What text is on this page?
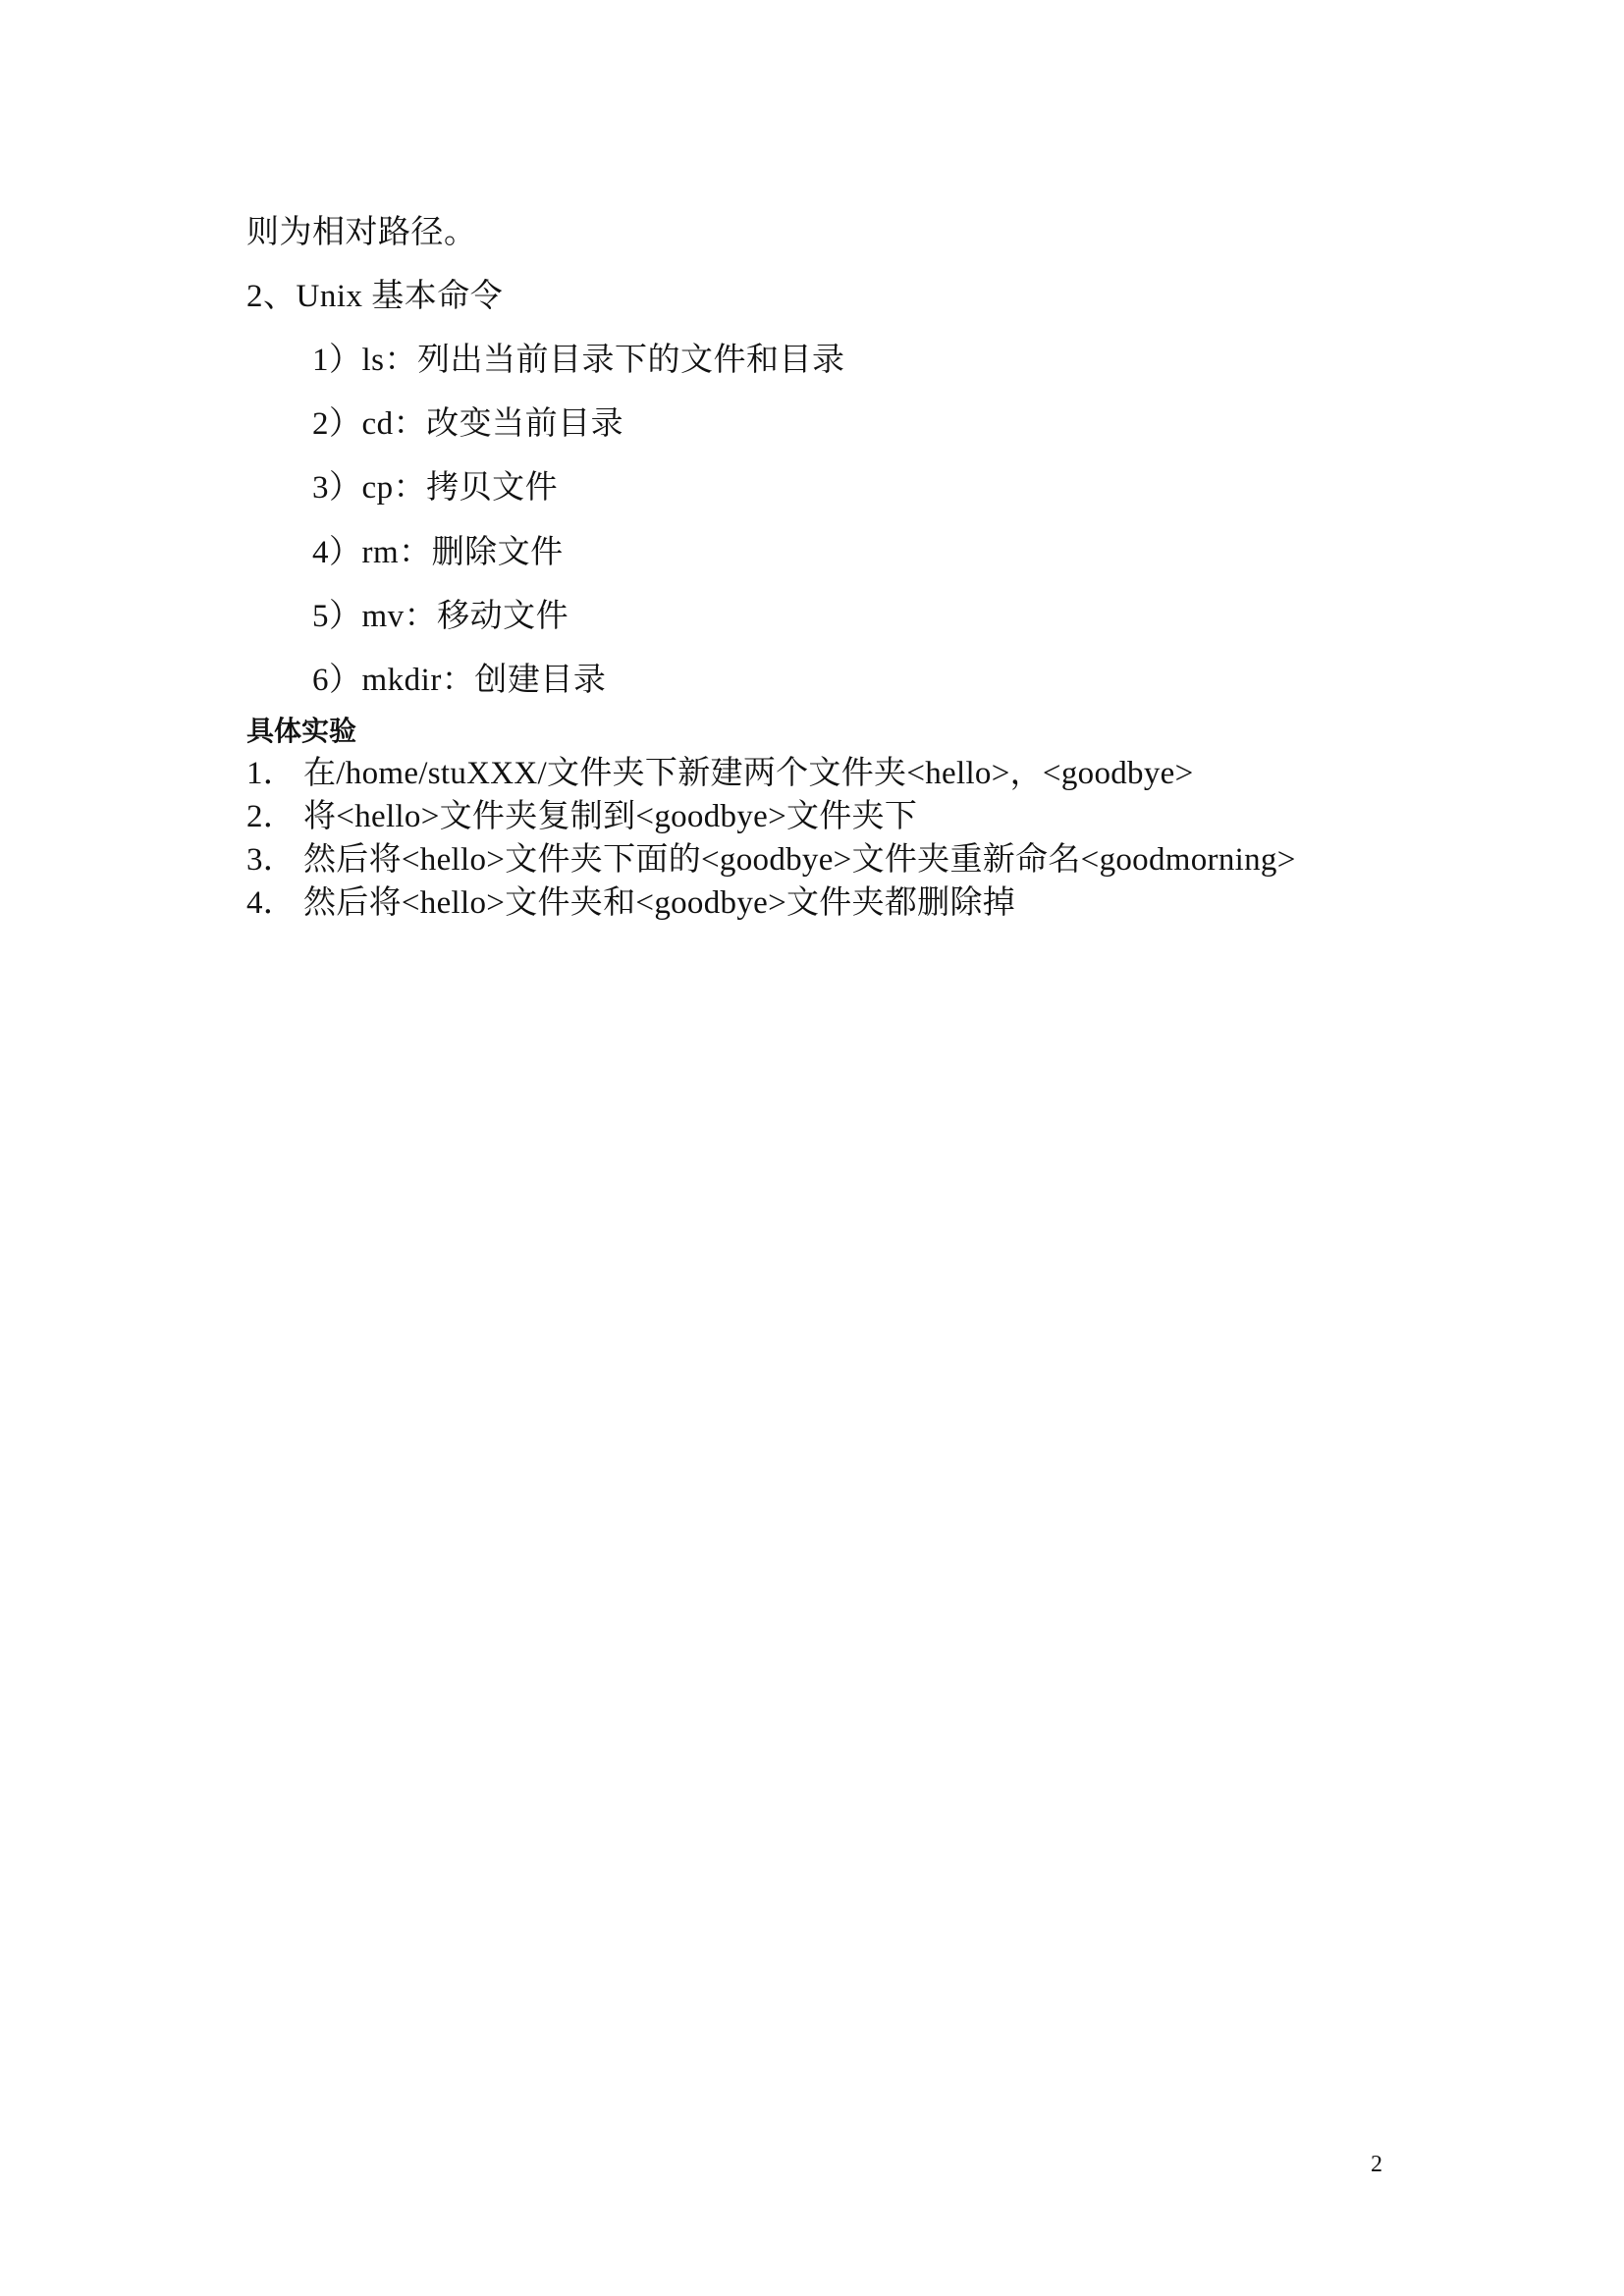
则为相对路径。
2、Unix 基本命令
1）ls：列出当前目录下的文件和目录
2）cd：改变当前目录
3）cp：拷贝文件
4）rm：删除文件
5）mv：移动文件
6）mkdir：创建目录
具体实验
1． 在/home/stuXXX/文件夹下新建两个文件夹<hello>，<goodbye>
2． 将<hello>文件夹复制到<goodbye>文件夹下
3． 然后将<hello>文件夹下面的<goodbye>文件夹重新命名<goodmorning>
4． 然后将<hello>文件夹和<goodbye>文件夹都删除掉
2
